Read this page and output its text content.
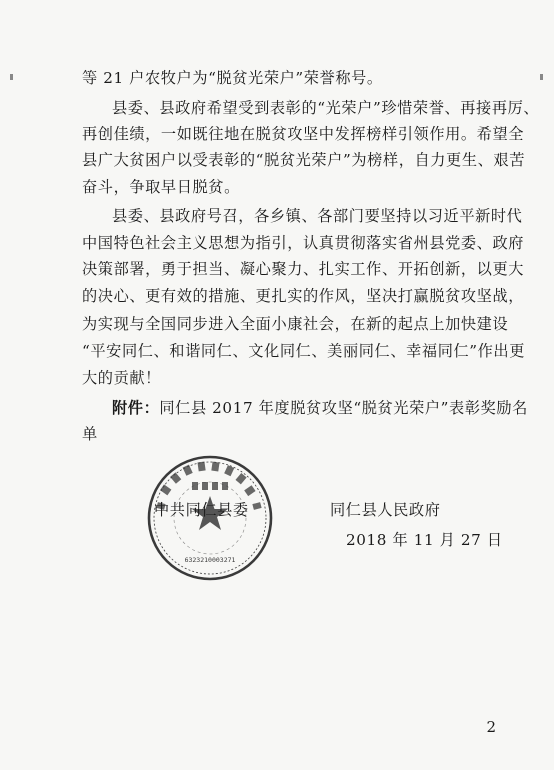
等 21 户农牧户为“脱贫光荣户”荣誉称号。
县委、县政府希望受到表彰的“光荣户”珍惜荣誉、再接再厉、
再创佳绩，一如既往地在脱贫攻坚中发挥榜样引领作用。希望全
县广大贫困户以受表彰的“脱贫光荣户”为榜样，自力更生、艰苦
奋斗，争取早日脱贫。
县委、县政府号召，各乡镇、各部门要坚持以习近平新时代
中国特色社会主义思想为指引，认真贯彻落实省州县党委、政府
决策部署，勇于担当、凝心聚力、扎实工作、开拓创新，以更大
的决心、更有效的措施、更扎实的作风，坚决打赢脱贫攻坚战，
为实现与全国同步进入全面小康社会，在新的起点上加快建设
“平安同仁、和谐同仁、文化同仁、美丽同仁、幸福同仁”作出更
大的贡献！
附件：同仁县 2017 年度脱贫攻坚“脱贫光荣户”表彰奖励名
单
6323210003271
中共同仁县委	同仁县人民政府
2018 年 11 月 27 日
2
